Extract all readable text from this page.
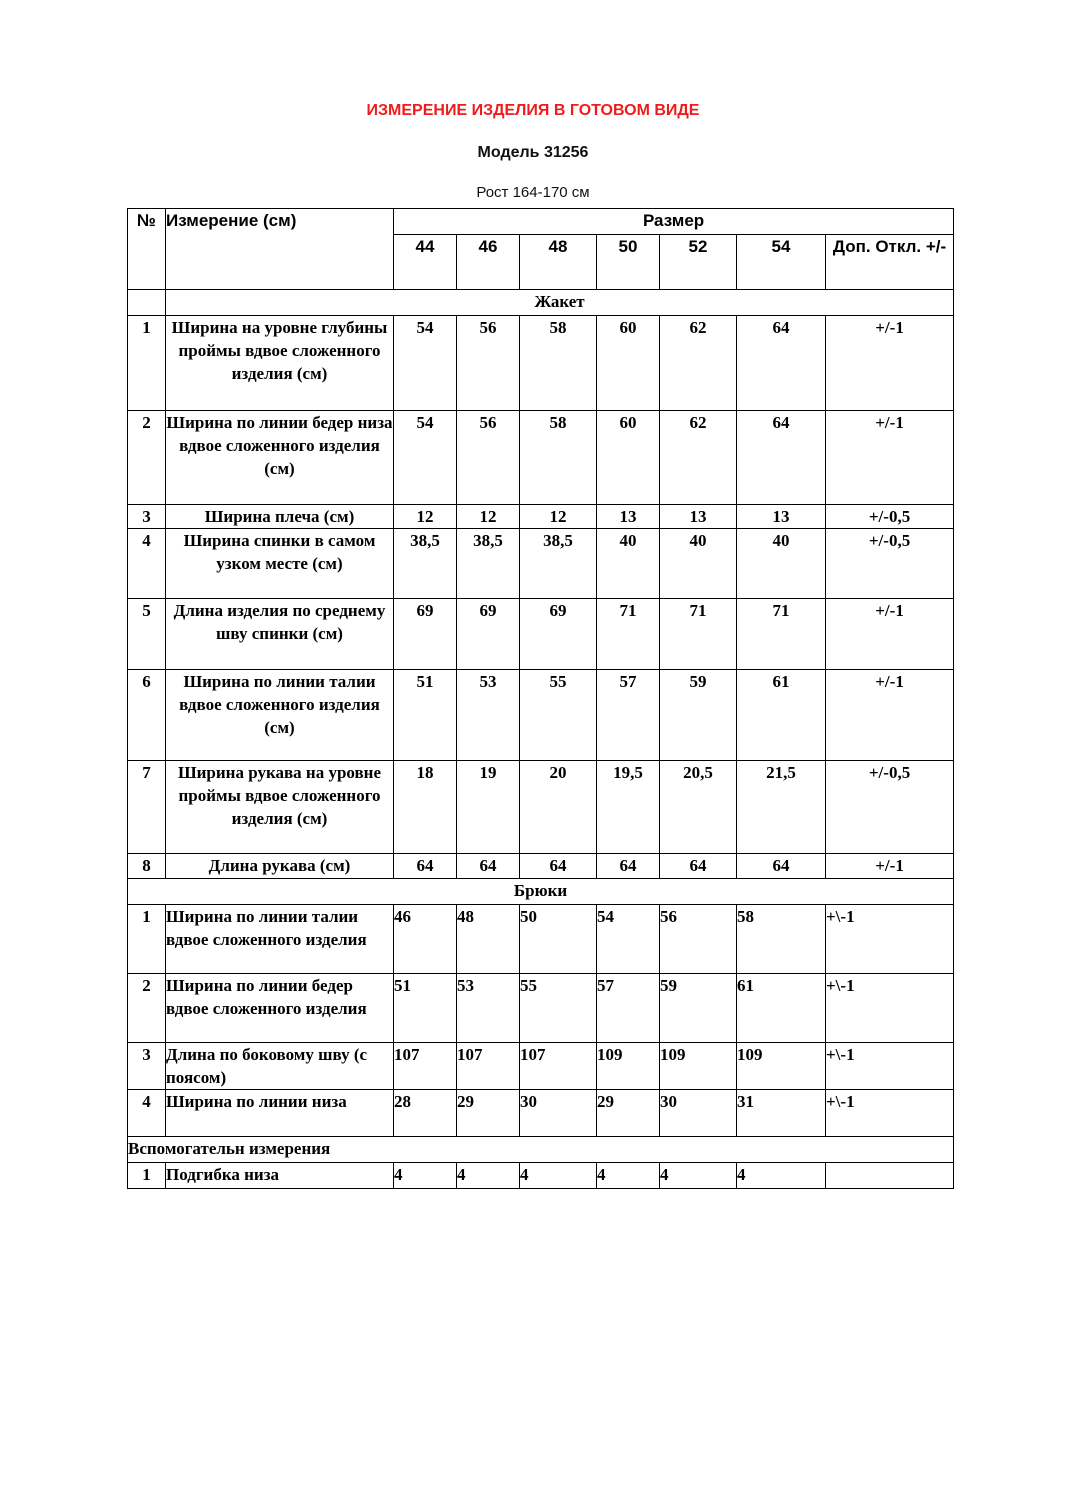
ИЗМЕРЕНИЕ ИЗДЕЛИЯ В ГОТОВОМ ВИДЕ
Модель 31256
Рост 164-170 см
№	Измерение (см)	Размер						
		44	46	48	50	52	54	Доп. Откл. +/-
	Жакет							
1	Ширина на уровне глубины проймы вдвое сложенного изделия (см)	54	56	58	60	62	64	+/-1
2	Ширина по линии бедер низа вдвое сложенного изделия (см)	54	56	58	60	62	64	+/-1
3	Ширина плеча (см)	12	12	12	13	13	13	+/-0,5
4	Ширина спинки в самом узком месте (см)	38,5	38,5	38,5	40	40	40	+/-0,5
5	Длина изделия по среднему шву спинки (см)	69	69	69	71	71	71	+/-1
6	Ширина по линии талии вдвое сложенного изделия (см)	51	53	55	57	59	61	+/-1
7	Ширина рукава на уровне проймы вдвое сложенного изделия (см)	18	19	20	19,5	20,5	21,5	+/-0,5
8	Длина рукава (см)	64	64	64	64	64	64	+/-1
Брюки								
1	Ширина по линии талии вдвое сложенного изделия	46	48	50	54	56	58	+\-1
2	Ширина по линии бедер вдвое сложенного изделия	51	53	55	57	59	61	+\-1
3	Длина по боковому шву (с поясом)	107	107	107	109	109	109	+\-1
4	Ширина по линии низа	28	29	30	29	30	31	+\-1
Вспомогательн измерения								
1	Подгибка низа	4	4	4	4	4	4	
